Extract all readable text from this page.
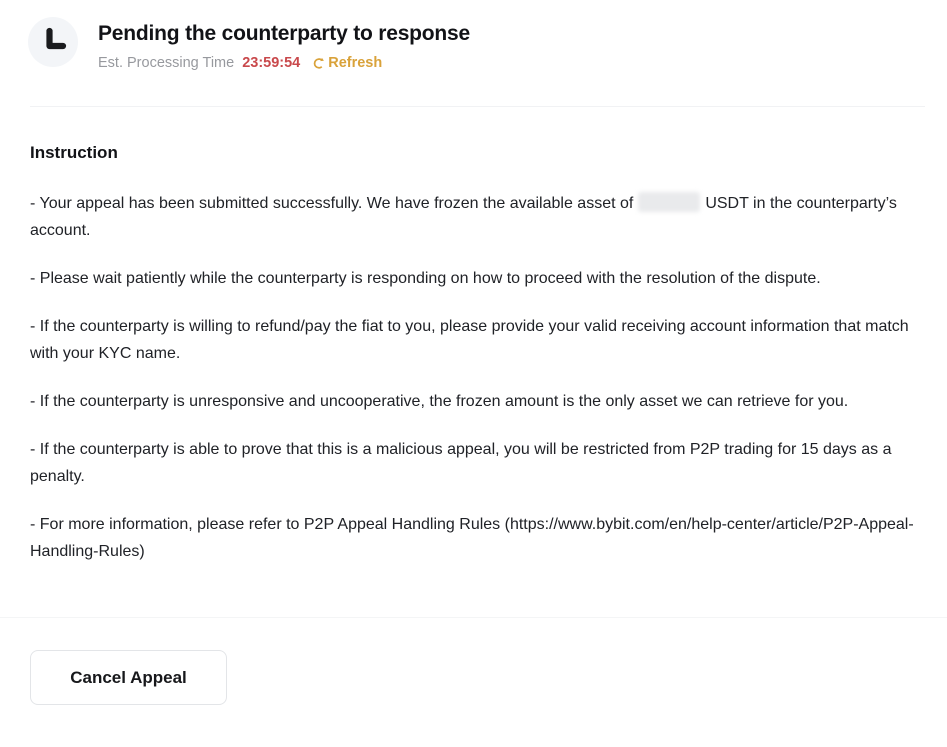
Pending the counterparty to response
Est. Processing Time 23:59:54 Refresh
Instruction

- Your appeal has been submitted successfully. We have frozen the available asset of	USDT in the counterparty’s account.

- Please wait patiently while the counterparty is responding on how to proceed with the resolution of the dispute.

- If the counterparty is willing to refund/pay the fiat to you, please provide your valid receiving account information that match with your KYC name.

- If the counterparty is unresponsive and uncooperative, the frozen amount is the only asset we can retrieve for you.

- If the counterparty is able to prove that this is a malicious appeal, you will be restricted from P2P trading for 15 days as a penalty.

- For more information, please refer to P2P Appeal Handling Rules (https://www.bybit.com/en/help-center/article/P2P-Appeal-Handling-Rules)

Cancel Appeal
